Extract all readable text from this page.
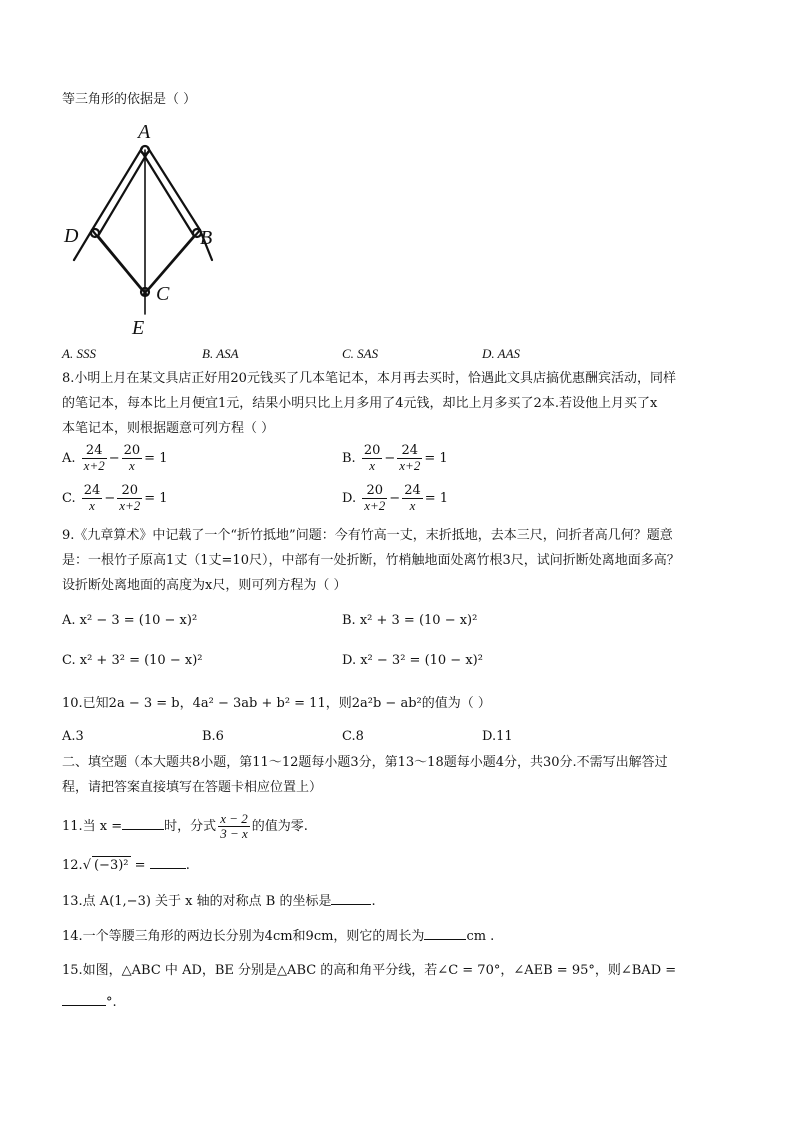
等三角形的依据是（ ）
A
D	B
C
E
A. SSS	B. ASA	C. SAS	D. AAS
8.小明上月在某文具店正好用20元钱买了几本笔记本，本月再去买时，恰遇此文具店搞优惠酬宾活动，同样
的笔记本，每本比上月便宜1元，结果小明只比上月多用了4元钱，却比上月多买了2本.若设他上月买了x
本笔记本，则根据题意可列方程（ ）
A. $\frac{24}{x+2} - \frac{20}{x} = 1$	B. $\frac{20}{x} - \frac{24}{x+2} = 1$
C. $\frac{24}{x} - \frac{20}{x+2} = 1$	D. $\frac{20}{x+2} - \frac{24}{x} = 1$
9.《九章算术》中记载了一个“折竹抵地”问题：今有竹高一丈，末折抵地，去本三尺，问折者高几何？题意
是：一根竹子原高1丈（1丈=10尺），中部有一处折断，竹梢触地面处离竹根3尺，试问折断处离地面多高？
设折断处离地面的高度为x尺，则可列方程为（ ）
A. x² − 3 = (10 − x)²	B. x² + 3 = (10 − x)²
C. x² + 3² = (10 − x)²	D. x² − 3² = (10 − x)²
10.已知2a − 3 = b，4a² − 3ab + b² = 11，则2a²b − ab²的值为（ ）
A.3	B.6	C.8	D.11
二、填空题（本大题共8小题，第11～12题每小题3分，第13～18题每小题4分，共30分.不需写出解答过
程，请把答案直接填写在答题卡相应位置上）
11.当 x =	时，分式 $\frac{x - 2}{3 - x}$ 的值为零.
12.√ (−3)² =	.
13.点 A(1,−3) 关于 x 轴的对称点 B 的坐标是	.
14.一个等腰三角形的两边长分别为4cm和9cm，则它的周长为	cm .
15.如图，△ABC 中 AD，BE 分别是△ABC 的高和角平分线，若∠C = 70°，∠AEB = 95°，则∠BAD =
°.
